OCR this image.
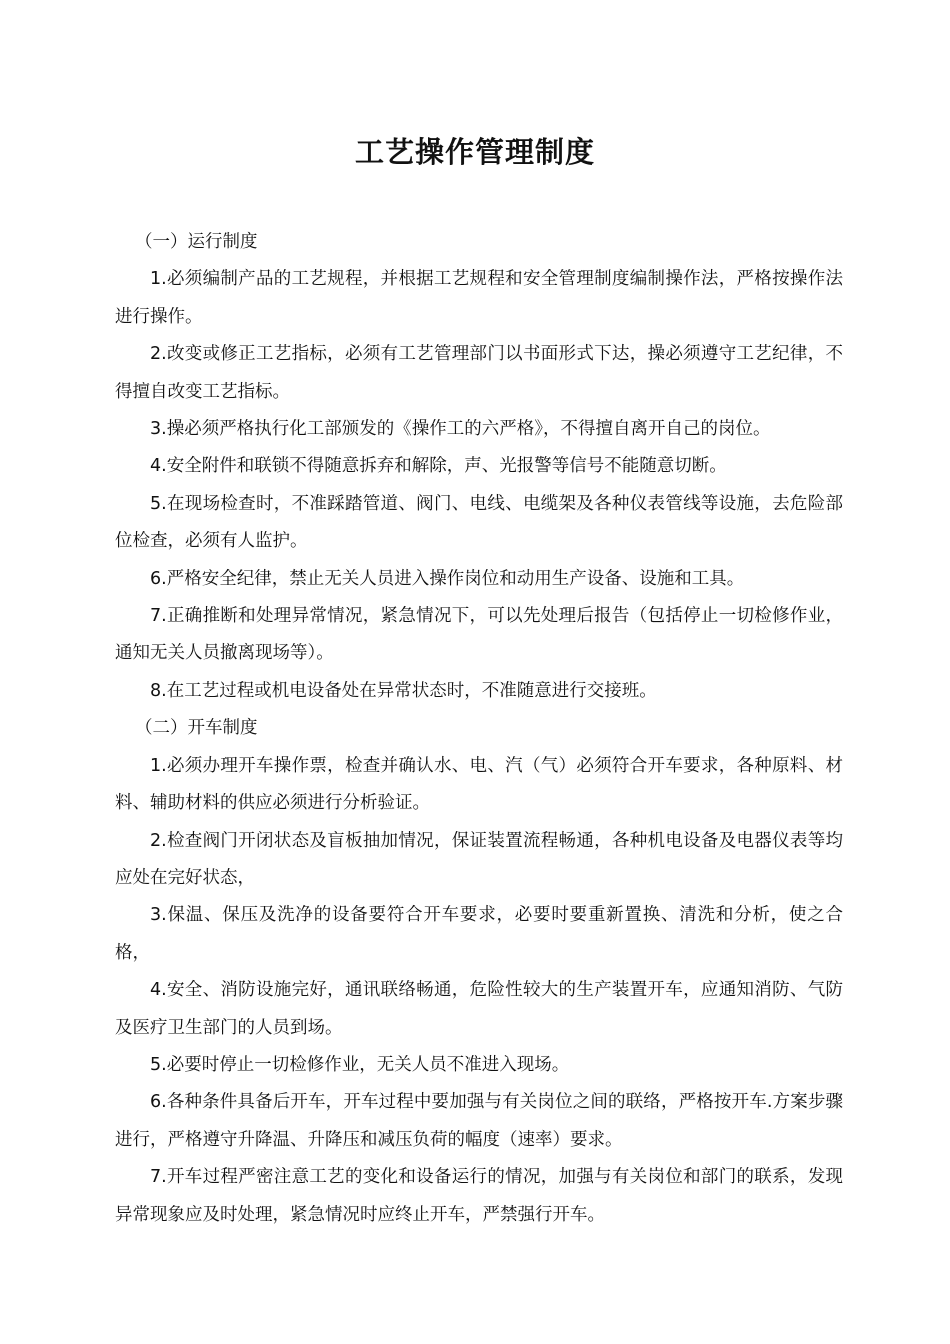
工艺操作管理制度

（一）运行制度

1.必须编制产品的工艺规程，并根据工艺规程和安全管理制度编制操作法，严格按操作法进行操作。

2.改变或修正工艺指标，必须有工艺管理部门以书面形式下达，操必须遵守工艺纪律，不得擅自改变工艺指标。

3.操必须严格执行化工部颁发的《操作工的六严格》，不得擅自离开自己的岗位。

4.安全附件和联锁不得随意拆弃和解除，声、光报警等信号不能随意切断。

5.在现场检查时，不准踩踏管道、阀门、电线、电缆架及各种仪表管线等设施，去危险部位检查，必须有人监护。

6.严格安全纪律，禁止无关人员进入操作岗位和动用生产设备、设施和工具。

7.正确推断和处理异常情况，紧急情况下，可以先处理后报告（包括停止一切检修作业，通知无关人员撤离现场等）。

8.在工艺过程或机电设备处在异常状态时，不准随意进行交接班。

（二）开车制度

1.必须办理开车操作票，检查并确认水、电、汽（气）必须符合开车要求，各种原料、材料、辅助材料的供应必须进行分析验证。

2.检查阀门开闭状态及盲板抽加情况，保证装置流程畅通，各种机电设备及电器仪表等均应处在完好状态，

3.保温、保压及洗净的设备要符合开车要求，必要时要重新置换、清洗和分析，使之合格，

4.安全、消防设施完好，通讯联络畅通，危险性较大的生产装置开车，应通知消防、气防及医疗卫生部门的人员到场。

5.必要时停止一切检修作业，无关人员不准进入现场。

6.各种条件具备后开车，开车过程中要加强与有关岗位之间的联络，严格按开车.方案步骤进行，严格遵守升降温、升降压和减压负荷的幅度（速率）要求。

7.开车过程严密注意工艺的变化和设备运行的情况，加强与有关岗位和部门的联系，发现异常现象应及时处理，紧急情况时应终止开车，严禁强行开车。
